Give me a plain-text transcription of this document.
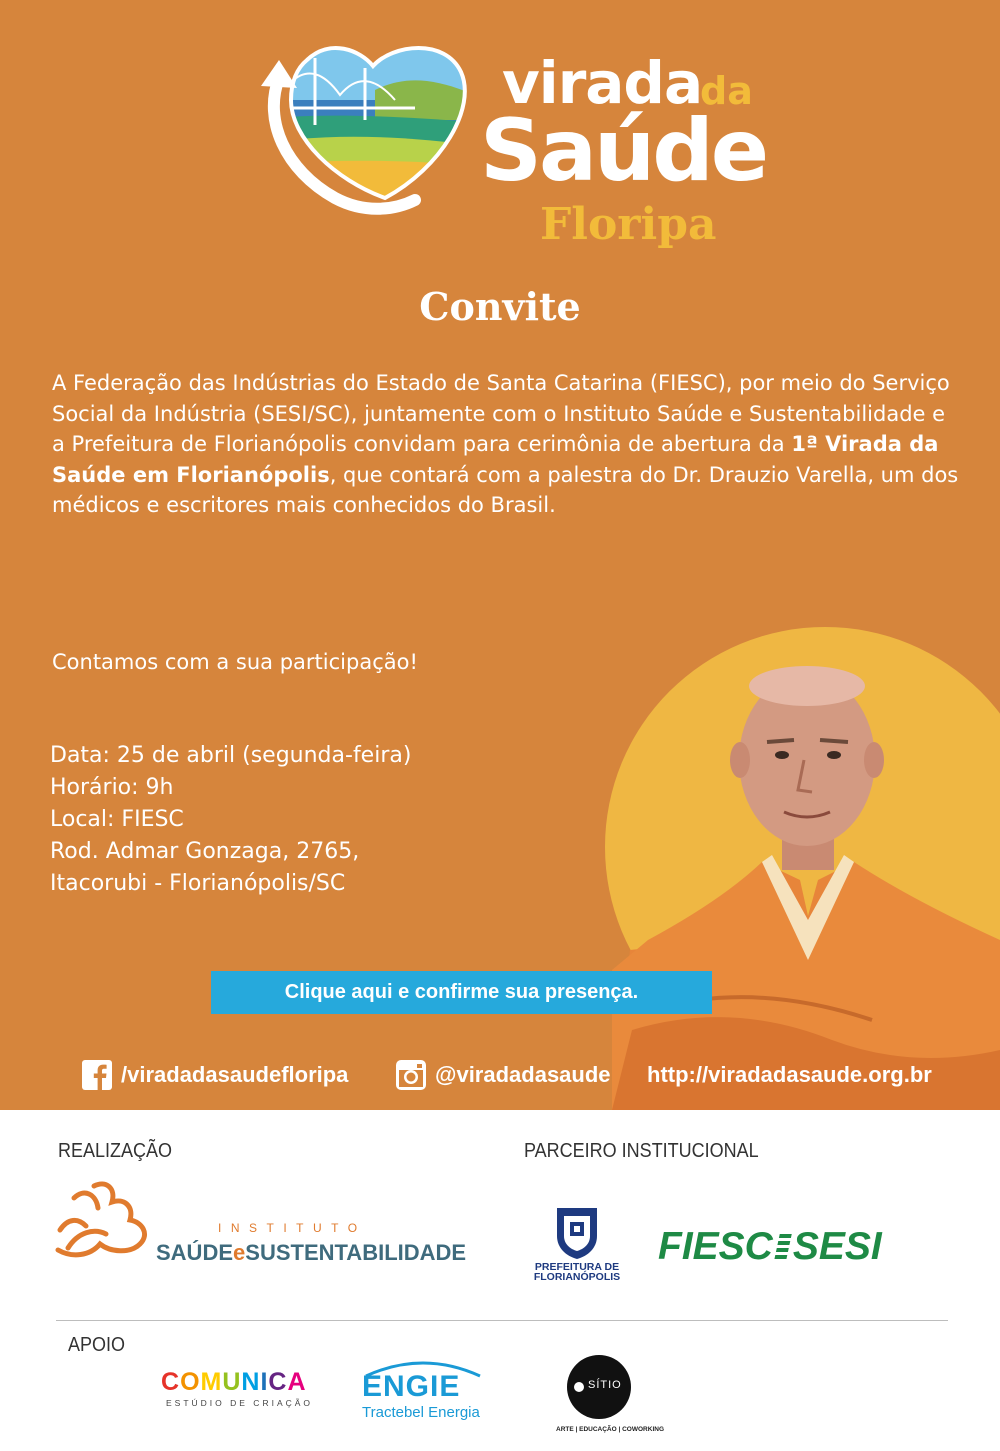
virada
da
Saúde
Floripa
Convite

A Federação das Indústrias do Estado de Santa Catarina (FIESC), por meio do Serviço Social da Indústria (SESI/SC), juntamente com o Instituto Saúde e Sustentabilidade e a Prefeitura de Florianópolis convidam para cerimônia de abertura da 1ª Virada da Saúde em Florianópolis, que contará com a palestra do Dr. Drauzio Varella, um dos médicos e escritores mais conhecidos do Brasil.

Contamos com a sua participação!
Data: 25 de abril (segunda-feira)
Horário: 9h
Local: FIESC
Rod. Admar Gonzaga, 2765,
Itacorubi - Florianópolis/SC
Clique aqui e confirme sua presença.
/viradadasaudefloripa	@viradadasaude http://viradadasaude.org.br
REALIZAÇÃO	PARCEIRO INSTITUCIONAL
INSTITUTO
SAÚDEeSUSTENTABILIDADE
PREFEITURA DE
FLORIANÓPOLIS
FIESC SESI
APOIO
COMUNICA
ESTÚDIO DE CRIAÇÃO ENGIE
Tractebel Energia
SÍTIO
ARTE | EDUCAÇÃO | COWORKING
